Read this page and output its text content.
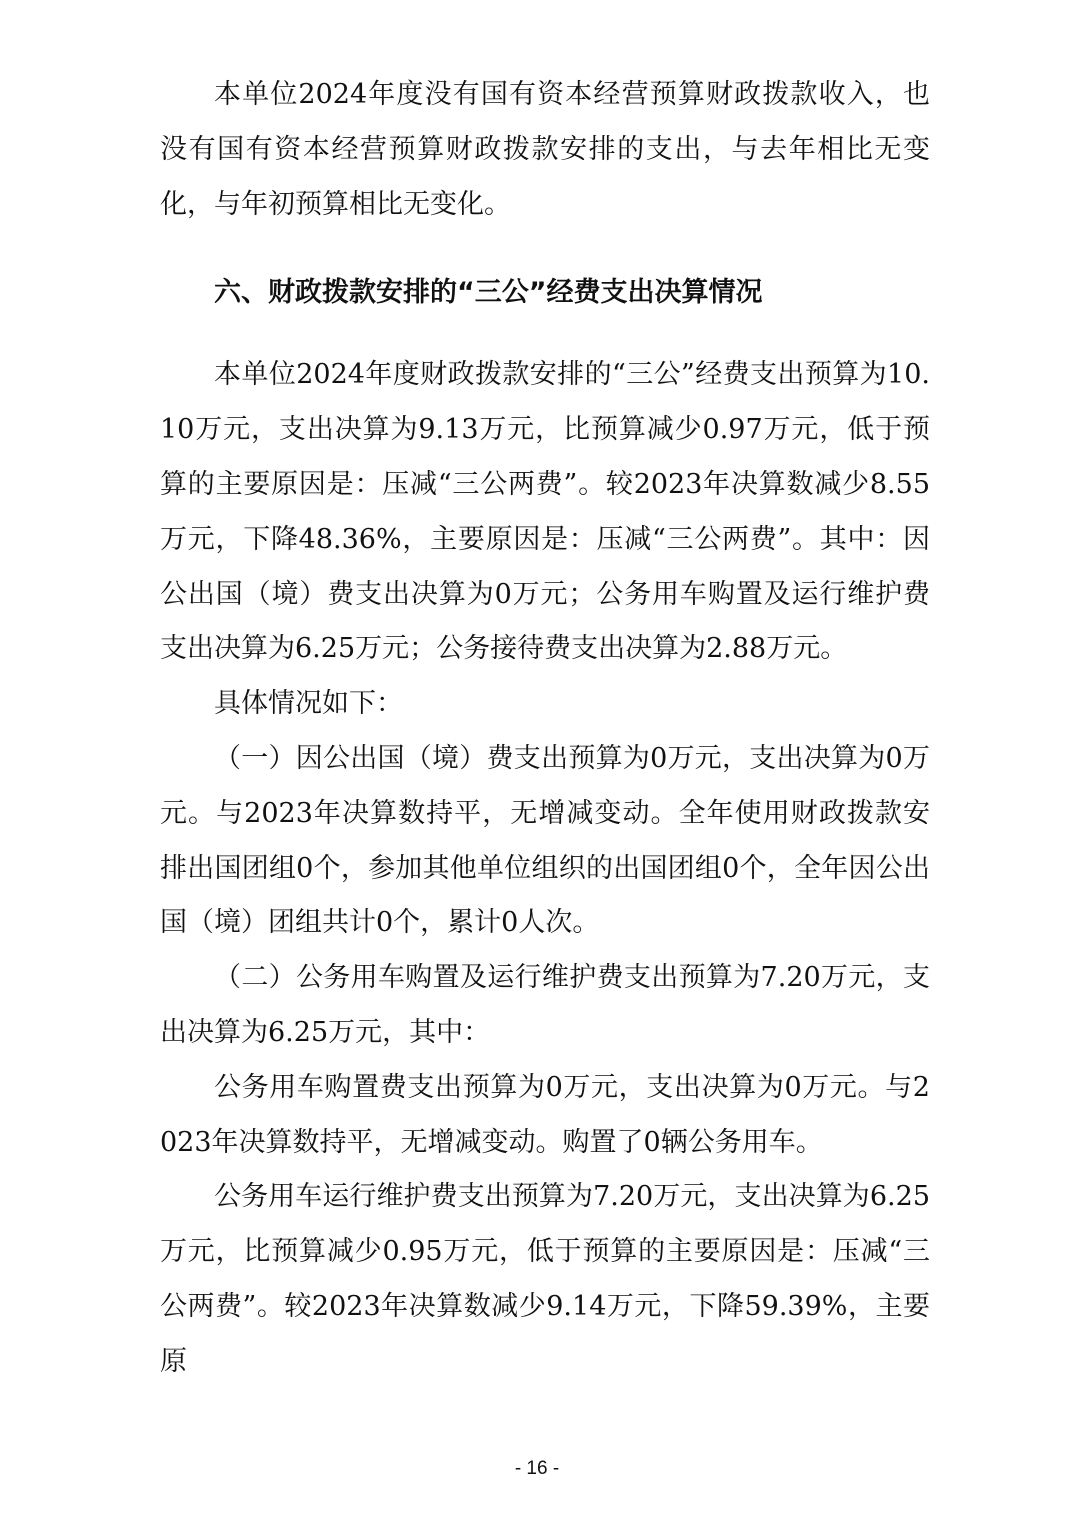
本单位2024年度没有国有资本经营预算财政拨款收入，也没有国有资本经营预算财政拨款安排的支出，与去年相比无变化，与年初预算相比无变化。

六、财政拨款安排的“三公”经费支出决算情况

本单位2024年度财政拨款安排的“三公”经费支出预算为10.10万元，支出决算为9.13万元，比预算减少0.97万元，低于预算的主要原因是：压减“三公两费”。较2023年决算数减少8.55万元，下降48.36%，主要原因是：压减“三公两费”。其中：因公出国（境）费支出决算为0万元；公务用车购置及运行维护费支出决算为6.25万元；公务接待费支出决算为2.88万元。

具体情况如下：

（一）因公出国（境）费支出预算为0万元，支出决算为0万元。与2023年决算数持平，无增减变动。全年使用财政拨款安排出国团组0个，参加其他单位组织的出国团组0个，全年因公出国（境）团组共计0个，累计0人次。

（二）公务用车购置及运行维护费支出预算为7.20万元，支出决算为6.25万元，其中：

公务用车购置费支出预算为0万元，支出决算为0万元。与2023年决算数持平，无增减变动。购置了0辆公务用车。

公务用车运行维护费支出预算为7.20万元，支出决算为6.25万元，比预算减少0.95万元，低于预算的主要原因是：压减“三公两费”。较2023年决算数减少9.14万元，下降59.39%，主要原

- 16 -
